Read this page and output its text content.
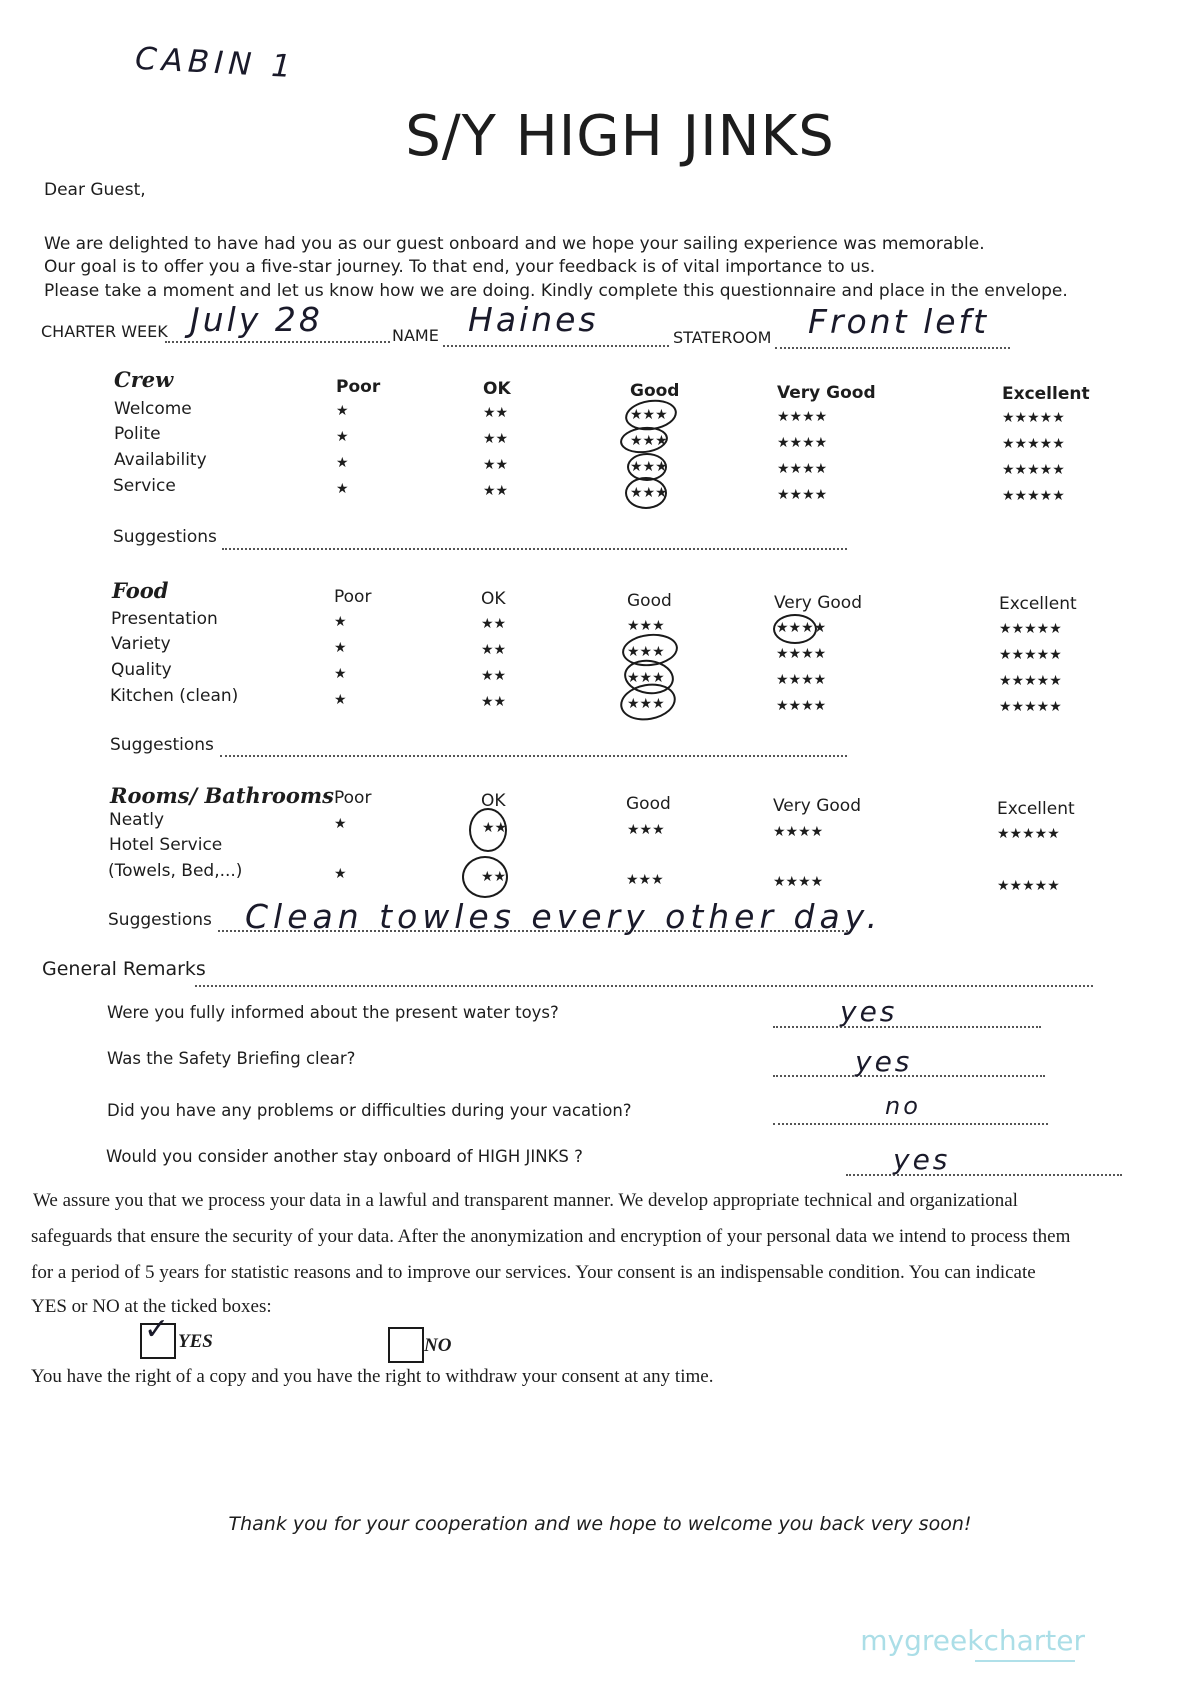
CABIN 1
S/Y HIGH JINKS
Dear Guest,
We are delighted to have had you as our guest onboard and we hope your sailing experience was memorable.
Our goal is to offer you a five-star journey. To that end, your feedback is of vital importance to us.
Please take a moment and let us know how we are doing. Kindly complete this questionnaire and place in the envelope.
CHARTER WEEK July 28	NAME Haines	STATEROOM Front left
Crew	Poor	OK	Good	Very Good	Excellent
Welcome	★	★★	★★★	★★★★	★★★★★
Polite	★	★★	★★★	★★★★	★★★★★
Availability	★	★★	★★★	★★★★	★★★★★
Service	★	★★	★★★	★★★★	★★★★★
Suggestions
Food	Poor	OK	Good	Very Good	Excellent
Presentation	★	★★	★★★	★★★★	★★★★★
Variety	★	★★	★★★	★★★★	★★★★★
Quality	★	★★	★★★	★★★★	★★★★★
Kitchen (clean)	★	★★	★★★	★★★★	★★★★★
Suggestions
Rooms/ Bathrooms Poor	OK	Good	Very Good	Excellent
Neatly	★	★★	★★★	★★★★	★★★★★
Hotel Service
(Towels, Bed,...)	★	★★	★★★	★★★★	★★★★★
Suggestions Clean towles every other day.
General Remarks
Were you fully informed about the present water toys?	yes
Was the Safety Briefing clear?	yes
Did you have any problems or difficulties during your vacation?	no
Would you consider another stay onboard of HIGH JINKS ?	yes
We assure you that we process your data in a lawful and transparent manner. We develop appropriate technical and organizational
safeguards that ensure the security of your data. After the anonymization and encryption of your personal data we intend to process them
for a period of 5 years for statistic reasons and to improve our services. Your consent is an indispensable condition. You can indicate
YES or NO at the ticked boxes:
✓ YES	NO
You have the right of a copy and you have the right to withdraw your consent at any time.
Thank you for your cooperation and we hope to welcome you back very soon!
mygreekcharter
